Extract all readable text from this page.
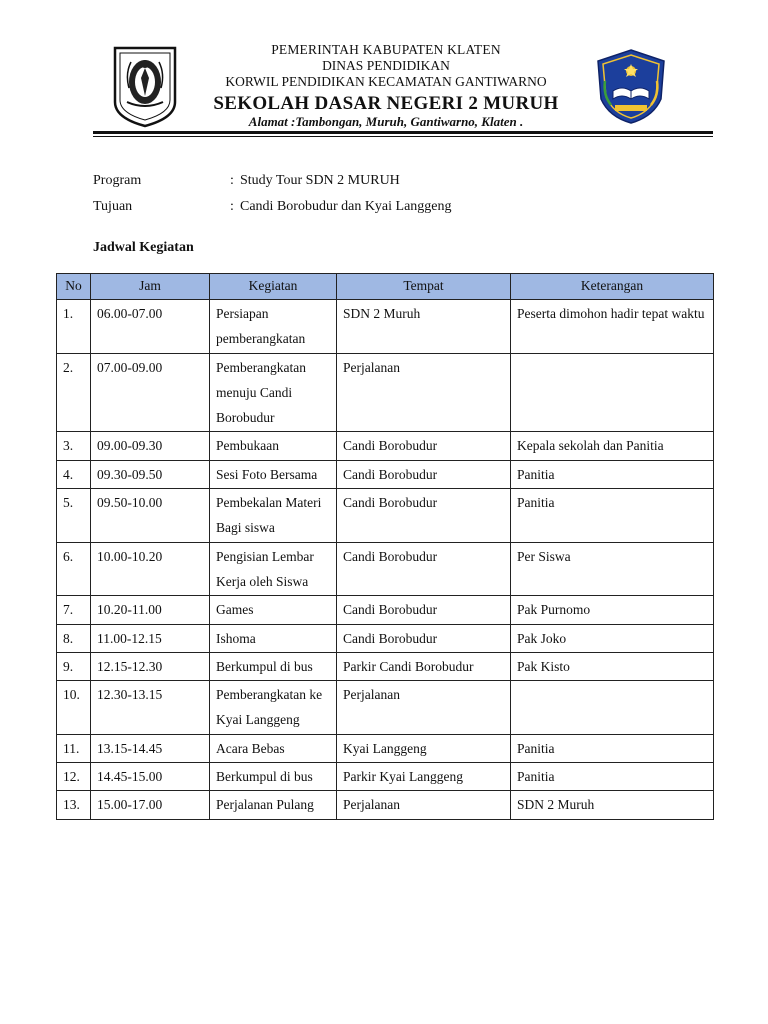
PEMERINTAH KABUPATEN KLATEN
DINAS PENDIDIKAN
KORWIL PENDIDIKAN KECAMATAN GANTIWARNO
SEKOLAH DASAR NEGERI 2 MURUH
Alamat :Tambongan, Muruh, Gantiwarno, Klaten .
Program	: Study Tour SDN 2 MURUH
Tujuan	: Candi Borobudur dan Kyai Langgeng
Jadwal Kegiatan
No	Jam	Kegiatan	Tempat	Keterangan
1.	06.00-07.00	Persiapan pemberangkatan	SDN 2 Muruh	Peserta dimohon hadir tepat waktu
2.	07.00-09.00	Pemberangkatan menuju Candi Borobudur	Perjalanan	
3.	09.00-09.30	Pembukaan	Candi Borobudur	Kepala sekolah dan Panitia
4.	09.30-09.50	Sesi Foto Bersama	Candi Borobudur	Panitia
5.	09.50-10.00	Pembekalan Materi Bagi siswa	Candi Borobudur	Panitia
6.	10.00-10.20	Pengisian Lembar Kerja oleh Siswa	Candi Borobudur	Per Siswa
7.	10.20-11.00	Games	Candi Borobudur	Pak Purnomo
8.	11.00-12.15	Ishoma	Candi Borobudur	Pak Joko
9.	12.15-12.30	Berkumpul di bus	Parkir Candi Borobudur	Pak Kisto
10.	12.30-13.15	Pemberangkatan ke Kyai Langgeng	Perjalanan	
11.	13.15-14.45	Acara Bebas	Kyai Langgeng	Panitia
12.	14.45-15.00	Berkumpul di bus	Parkir Kyai Langgeng	Panitia
13.	15.00-17.00	Perjalanan Pulang	Perjalanan	SDN 2 Muruh
